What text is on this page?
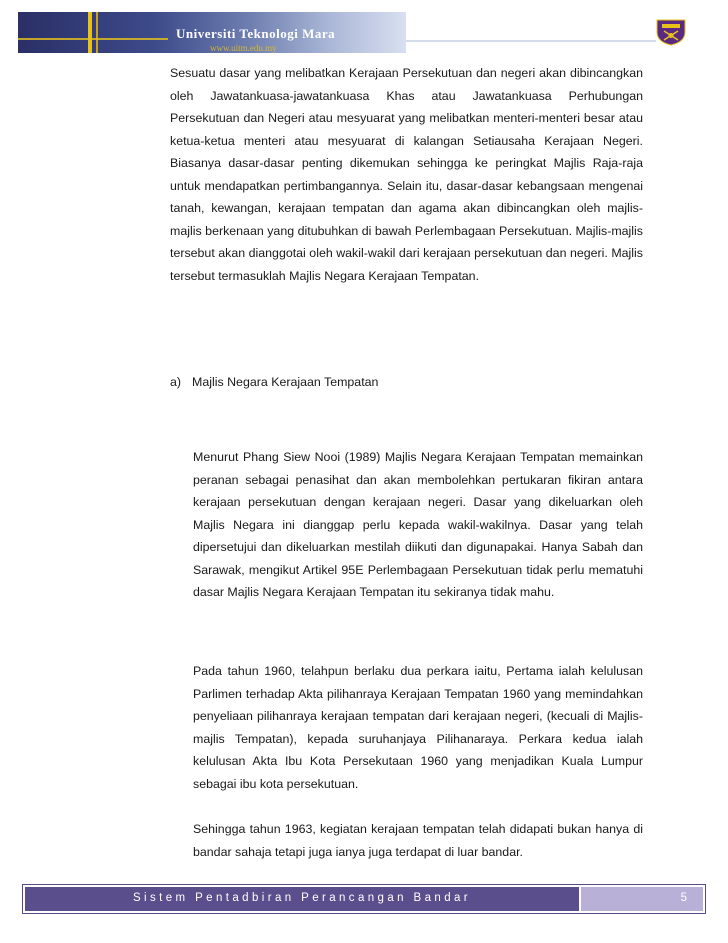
Universiti Teknologi Mara
www.uitm.edu.my

Sesuatu dasar yang melibatkan Kerajaan Persekutuan dan negeri akan dibincangkan oleh Jawatankuasa-jawatankuasa Khas atau Jawatankuasa Perhubungan Persekutuan dan Negeri atau mesyuarat yang melibatkan menteri-menteri besar atau ketua-ketua menteri atau mesyuarat di kalangan Setiausaha Kerajaan Negeri. Biasanya dasar-dasar penting dikemukan sehingga ke peringkat Majlis Raja-raja untuk mendapatkan pertimbangannya. Selain itu, dasar-dasar kebangsaan mengenai tanah, kewangan, kerajaan tempatan dan agama akan dibincangkan oleh majlis-majlis berkenaan yang ditubuhkan di bawah Perlembagaan Persekutuan. Majlis-majlis tersebut akan dianggotai oleh wakil-wakil dari kerajaan persekutuan dan negeri. Majlis tersebut termasuklah Majlis Negara Kerajaan Tempatan.

a) Majlis Negara Kerajaan Tempatan

Menurut Phang Siew Nooi (1989) Majlis Negara Kerajaan Tempatan memainkan peranan sebagai penasihat dan akan membolehkan pertukaran fikiran antara kerajaan persekutuan dengan kerajaan negeri. Dasar yang dikeluarkan oleh Majlis Negara ini dianggap perlu kepada wakil-wakilnya. Dasar yang telah dipersetujui dan dikeluarkan mestilah diikuti dan digunapakai. Hanya Sabah dan Sarawak, mengikut Artikel 95E Perlembagaan Persekutuan tidak perlu mematuhi dasar Majlis Negara Kerajaan Tempatan itu sekiranya tidak mahu.

Pada tahun 1960, telahpun berlaku dua perkara iaitu, Pertama ialah kelulusan Parlimen terhadap Akta pilihanraya Kerajaan Tempatan 1960 yang memindahkan penyeliaan pilihanraya kerajaan tempatan dari kerajaan negeri, (kecuali di Majlis-majlis Tempatan), kepada suruhanjaya Pilihanaraya. Perkara kedua ialah kelulusan Akta Ibu Kota Persekutaan 1960 yang menjadikan Kuala Lumpur sebagai ibu kota persekutuan.

Sehingga tahun 1963, kegiatan kerajaan tempatan telah didapati bukan hanya di bandar sahaja tetapi juga ianya juga terdapat di luar bandar.

Sistem Pentadbiran Perancangan Bandar	5
